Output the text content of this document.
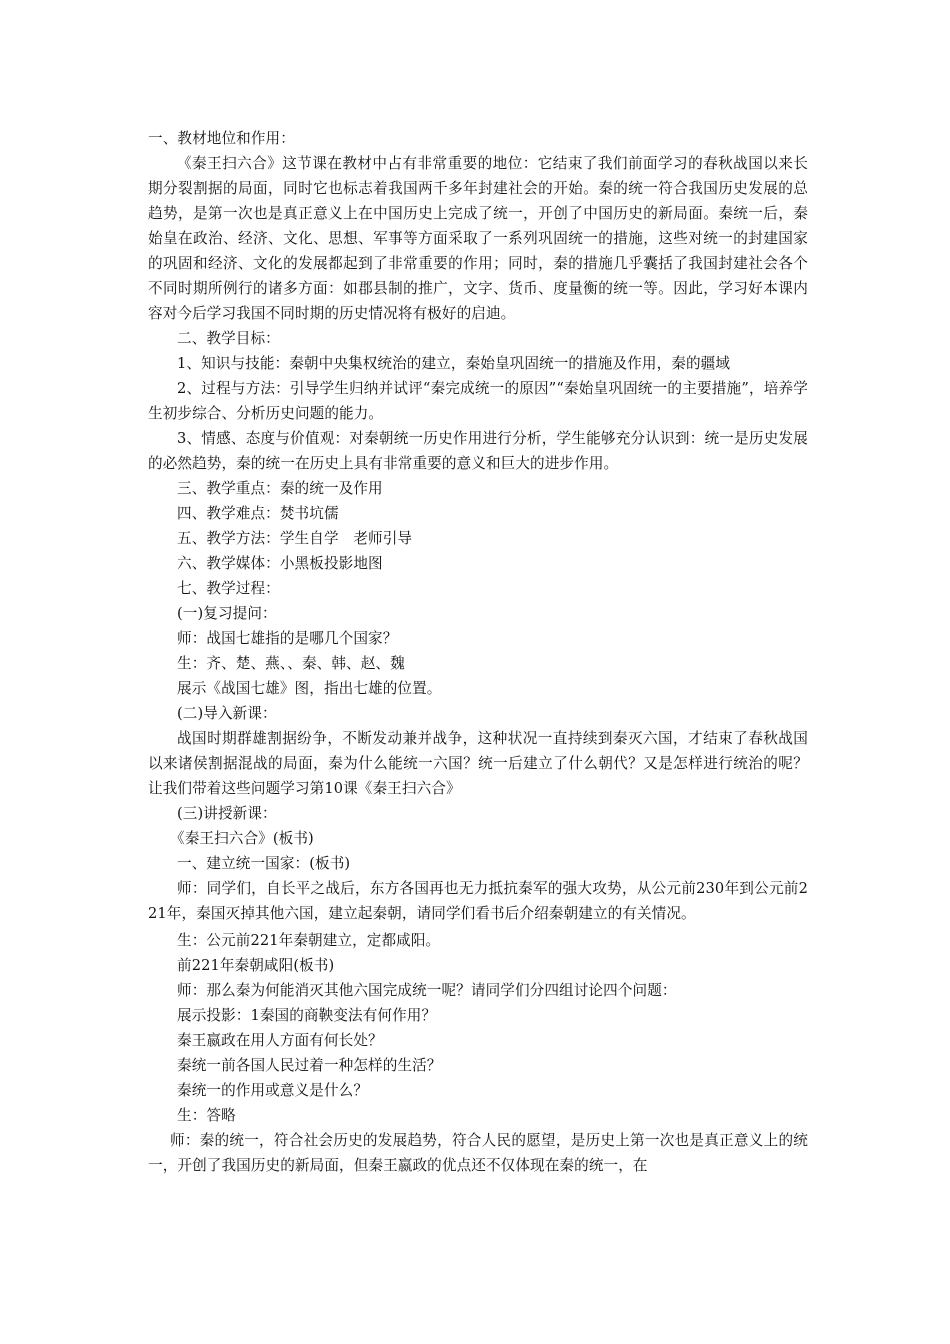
一、教材地位和作用：

《秦王扫六合》这节课在教材中占有非常重要的地位：它结束了我们前面学习的春秋战国以来长期分裂割据的局面，同时它也标志着我国两千多年封建社会的开始。秦的统一符合我国历史发展的总趋势，是第一次也是真正意义上在中国历史上完成了统一，开创了中国历史的新局面。秦统一后，秦始皇在政治、经济、文化、思想、军事等方面采取了一系列巩固统一的措施，这些对统一的封建国家的巩固和经济、文化的发展都起到了非常重要的作用；同时，秦的措施几乎囊括了我国封建社会各个不同时期所例行的诸多方面：如郡县制的推广，文字、货币、度量衡的统一等。因此，学习好本课内容对今后学习我国不同时期的历史情况将有极好的启迪。

二、教学目标：

1、知识与技能：秦朝中央集权统治的建立，秦始皇巩固统一的措施及作用，秦的疆域

2、过程与方法：引导学生归纳并试评“秦完成统一的原因”“秦始皇巩固统一的主要措施”，培养学生初步综合、分析历史问题的能力。

3、情感、态度与价值观：对秦朝统一历史作用进行分析，学生能够充分认识到：统一是历史发展的必然趋势，秦的统一在历史上具有非常重要的意义和巨大的进步作用。

三、教学重点：秦的统一及作用

四、教学难点：焚书坑儒

五、教学方法：学生自学　老师引导

六、教学媒体：小黑板投影地图

七、教学过程：

(一)复习提问：

师：战国七雄指的是哪几个国家？

生：齐、楚、燕、、秦、韩、赵、魏

展示《战国七雄》图，指出七雄的位置。

(二)导入新课：

战国时期群雄割据纷争，不断发动兼并战争，这种状况一直持续到秦灭六国，才结束了春秋战国以来诸侯割据混战的局面，秦为什么能统一六国？统一后建立了什么朝代？又是怎样进行统治的呢？让我们带着这些问题学习第10课《秦王扫六合》

(三)讲授新课：

《秦王扫六合》(板书)

一、建立统一国家：(板书)

师：同学们，自长平之战后，东方各国再也无力抵抗秦军的强大攻势，从公元前230年到公元前221年，秦国灭掉其他六国，建立起秦朝，请同学们看书后介绍秦朝建立的有关情况。

生：公元前221年秦朝建立，定都咸阳。

前221年秦朝咸阳(板书)

师：那么秦为何能消灭其他六国完成统一呢？请同学们分四组讨论四个问题：

展示投影：1秦国的商鞅变法有何作用？

秦王嬴政在用人方面有何长处？

秦统一前各国人民过着一种怎样的生活？

秦统一的作用或意义是什么？

生：答略

师：秦的统一，符合社会历史的发展趋势，符合人民的愿望，是历史上第一次也是真正意义上的统一，开创了我国历史的新局面，但秦王嬴政的优点还不仅体现在秦的统一，在
